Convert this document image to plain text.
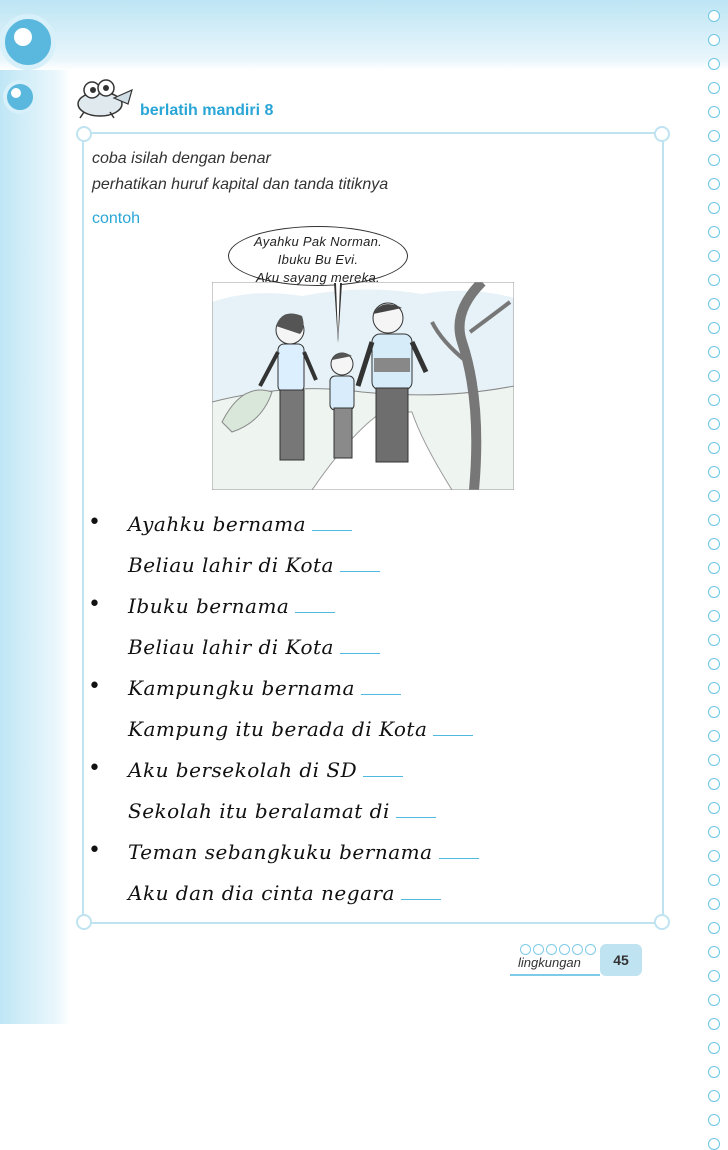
berlatih mandiri 8
coba isilah dengan benar
perhatikan huruf kapital dan tanda titiknya
contoh
Ayahku Pak Norman.
Ibuku Bu Evi.
Aku sayang mereka.
• Ayahku bernama
Beliau lahir di Kota
• Ibuku bernama
Beliau lahir di Kota
• Kampungku bernama
Kampung itu berada di Kota
• Aku bersekolah di SD
Sekolah itu beralamat di
• Teman sebangkuku bernama
Aku dan dia cinta negara
lingkungan	45
